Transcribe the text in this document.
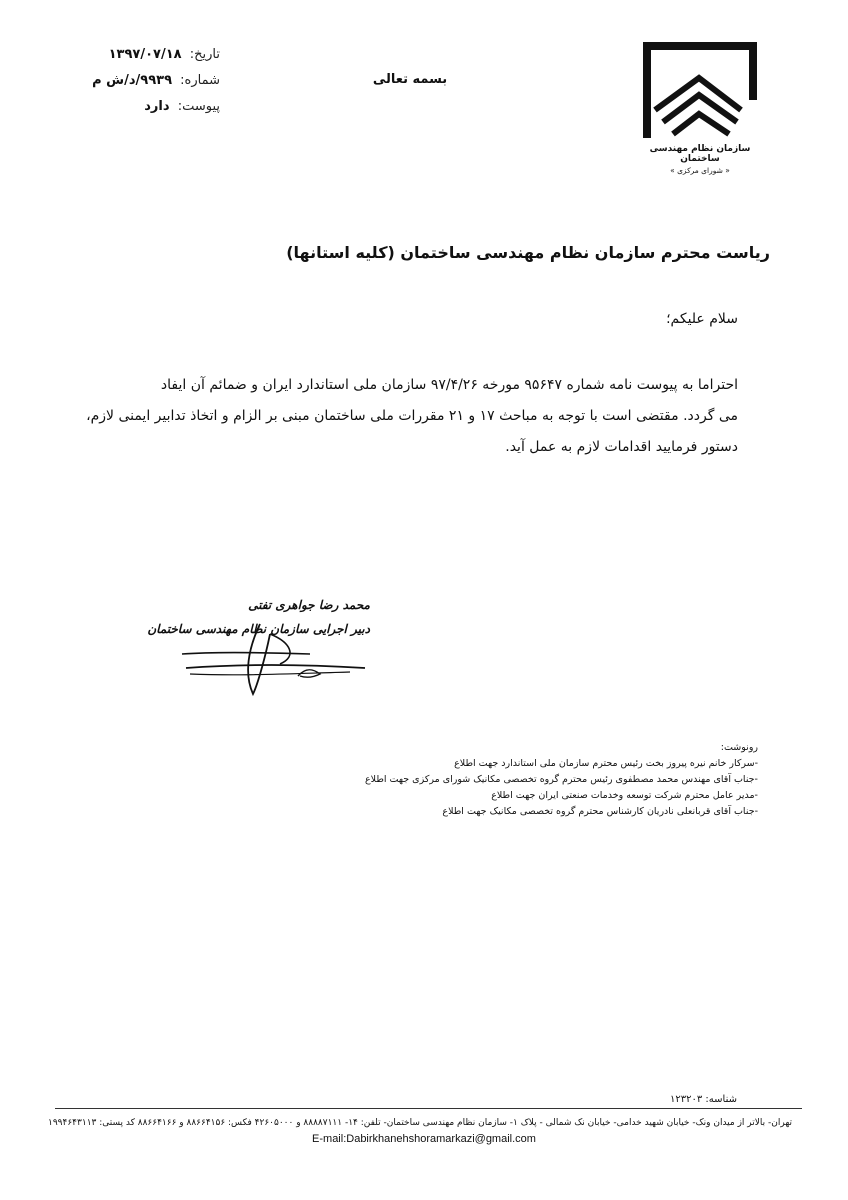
تاریخ: ۱۳۹۷/۰۷/۱۸
شماره: ۹۹۳۹/د/ش م
پیوست: دارد
بسمه تعالی
سازمان نظام مهندسی ساختمان
« شورای مرکزی »
ریاست محترم سازمان نظام مهندسی ساختمان (کلیه استانها)
سلام علیکم؛

احتراما به پیوست نامه شماره ۹۵۶۴۷ مورخه ۹۷/۴/۲۶ سازمان ملی استاندارد ایران و ضمائم آن ایفاد

می گردد. مقتضی است با توجه به مباحث ۱۷ و ۲۱ مقررات ملی ساختمان مبنی بر الزام و اتخاذ تدابیر ایمنی لازم،

دستور فرمایید اقدامات لازم به عمل آید.

محمد رضا جواهری تفتی
دبیر اجرایی سازمان نظام مهندسی ساختمان
رونوشت:
-سرکار خانم نیره پیروز بخت رئیس محترم سازمان ملی استاندارد جهت اطلاع
-جناب آقای مهندس محمد مصطفوی رئیس محترم گروه تخصصی مکانیک شورای مرکزی جهت اطلاع
-مدیر عامل محترم شرکت توسعه وخدمات صنعتی ایران جهت اطلاع
-جناب آقای قربانعلی نادریان کارشناس محترم گروه تخصصی مکانیک جهت اطلاع
شناسه: ۱۲۳۲۰۳
تهران- بالاتر از میدان ونک- خیابان شهید خدامی- خیابان نک شمالی - پلاک ۱- سازمان نظام مهندسی ساختمان- تلفن: ۱۴- ۸۸۸۸۷۱۱۱ و ۴۲۶۰۵۰۰۰ فکس: ۸۸۶۶۴۱۵۶ و ۸۸۶۶۴۱۶۶ کد پستی: ۱۹۹۴۶۴۳۱۱۳
E-mail:Dabirkhanehshoramarkazi@gmail.com
